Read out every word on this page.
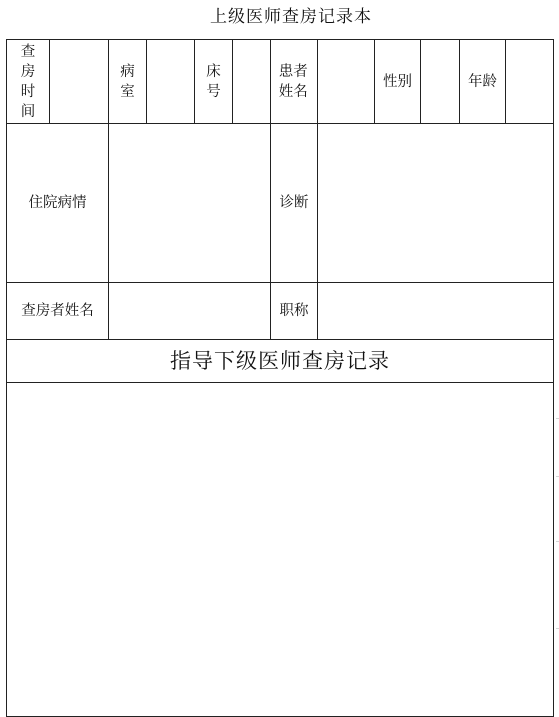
上级医师查房记录本
查房时间		病室		床号		患者姓名		性别		年龄	
住院病情						诊断					
查房者姓名						职称					
指导下级医师查房记录											
